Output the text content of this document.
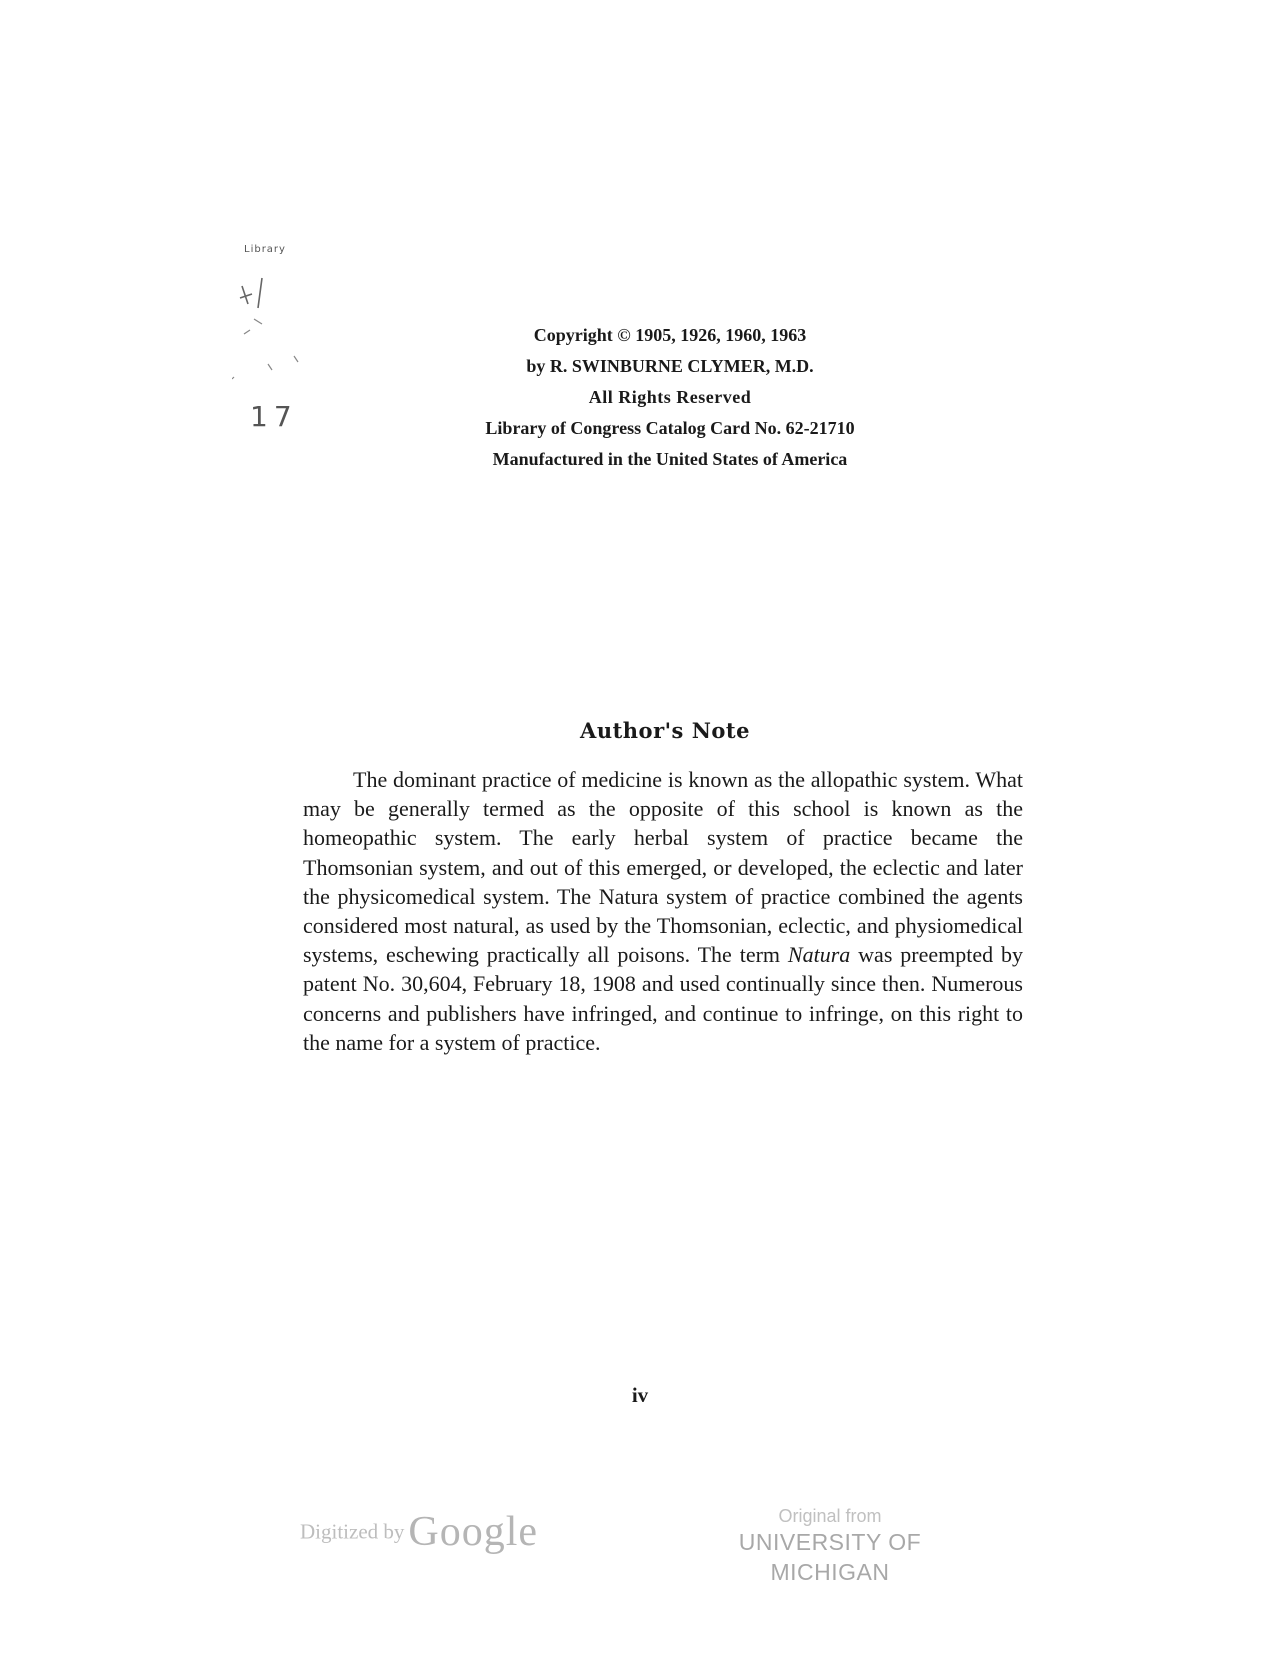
Library
17
Copyright © 1905, 1926, 1960, 1963
by R. SWINBURNE CLYMER, M.D.
All Rights Reserved
Library of Congress Catalog Card No. 62-21710
Manufactured in the United States of America
Author's Note

The dominant practice of medicine is known as the allopathic system. What may be generally termed as the opposite of this school is known as the homeopathic system. The early herbal system of practice became the Thomsonian system, and out of this emerged, or developed, the eclectic and later the physicomedical system. The Natura system of practice combined the agents considered most natural, as used by the Thomsonian, eclectic, and physiomedical systems, eschewing practically all poisons. The term Natura was preempted by patent No. 30,604, February 18, 1908 and used continually since then. Numerous concerns and publishers have infringed, and continue to infringe, on this right to the name for a system of practice.

iv
Digitized by Google	Original from
UNIVERSITY OF MICHIGAN
